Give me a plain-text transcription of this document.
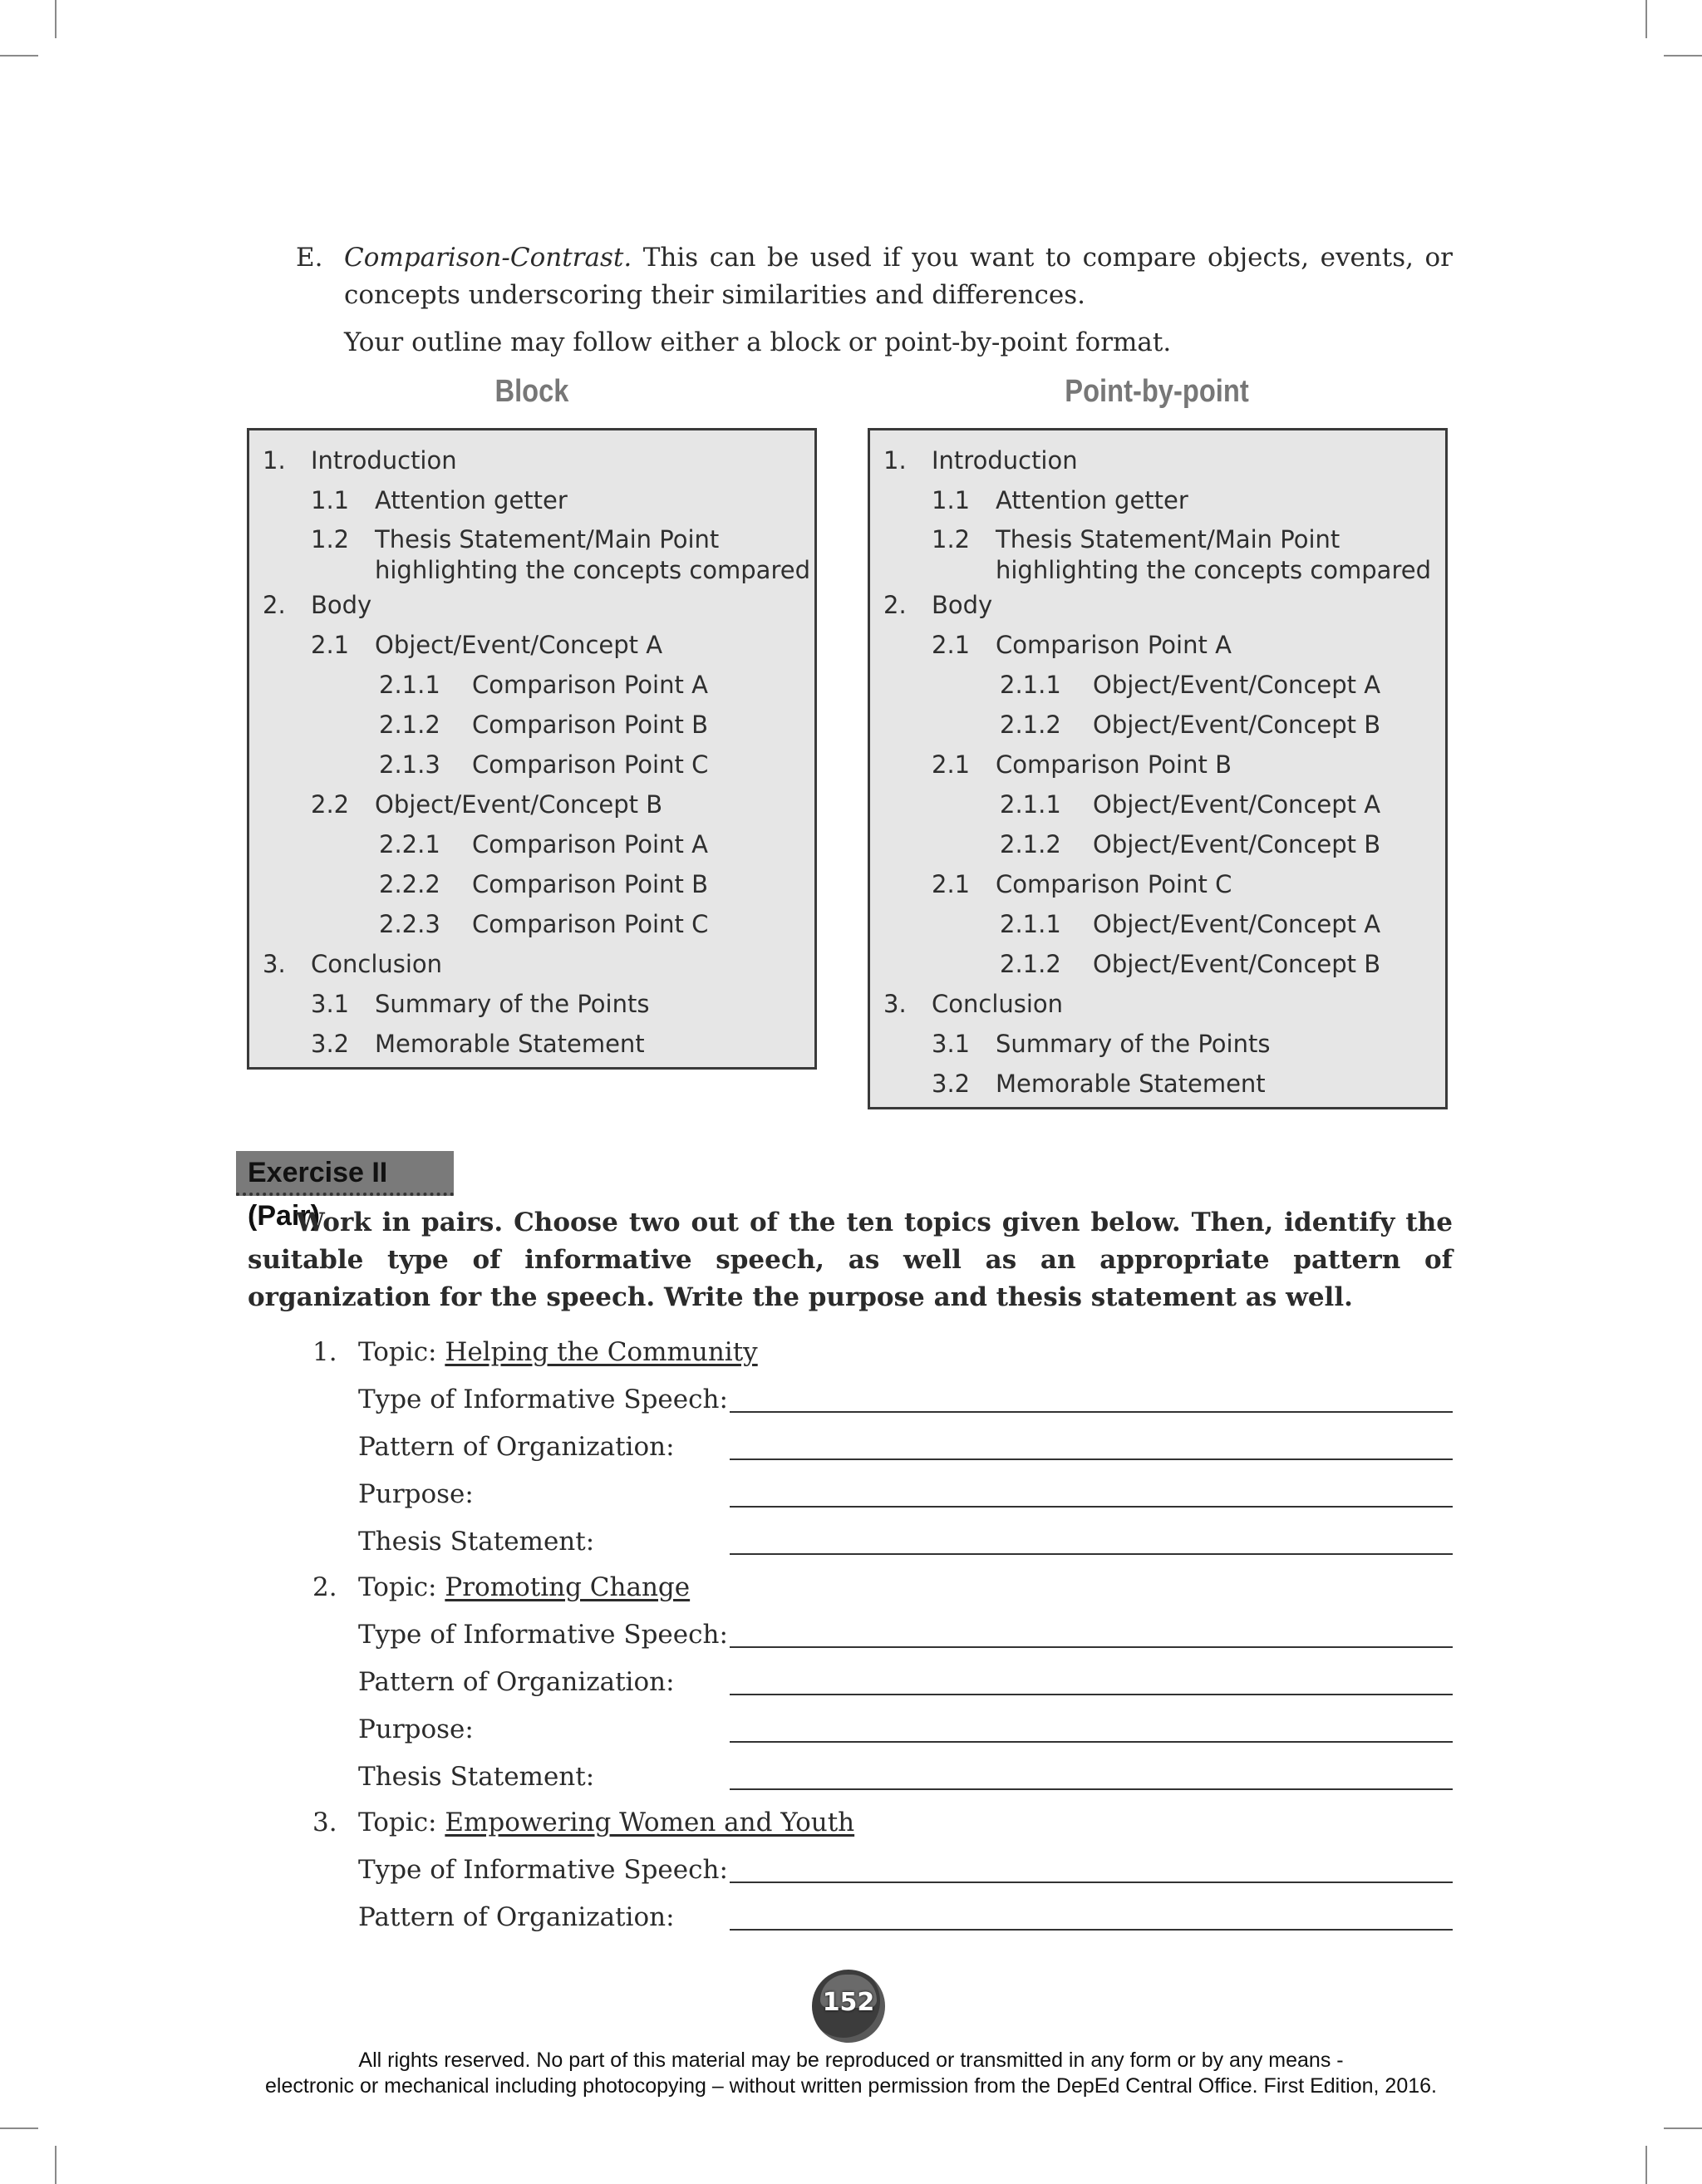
E. Comparison-Contrast. This can be used if you want to compare objects, events, or concepts underscoring their similarities and differences.
Your outline may follow either a block or point-by-point format.
Block	Point-by-point
1. Introduction
1.1 Attention getter
1.2 Thesis Statement/Main Point
highlighting the concepts compared
2. Body
2.1 Object/Event/Concept A
2.1.1 Comparison Point A
2.1.2 Comparison Point B
2.1.3 Comparison Point C
2.2 Object/Event/Concept B
2.2.1 Comparison Point A
2.2.2 Comparison Point B
2.2.3 Comparison Point C
3. Conclusion
3.1 Summary of the Points
3.2 Memorable Statement
1. Introduction
1.1 Attention getter
1.2 Thesis Statement/Main Point
highlighting the concepts compared
2. Body
2.1 Comparison Point A
2.1.1 Object/Event/Concept A
2.1.2 Object/Event/Concept B
2.1 Comparison Point B
2.1.1 Object/Event/Concept A
2.1.2 Object/Event/Concept B
2.1 Comparison Point C
2.1.1 Object/Event/Concept A
2.1.2 Object/Event/Concept B
3. Conclusion
3.1 Summary of the Points
3.2 Memorable Statement
Exercise II (Pair)
Work in pairs. Choose two out of the ten topics given below. Then, identify the suitable type of informative speech, as well as an appropriate pattern of organization for the speech. Write the purpose and thesis statement as well.
1. Topic: Helping the Community
Type of Informative Speech:
Pattern of Organization:
Purpose:
Thesis Statement:
2. Topic: Promoting Change
Type of Informative Speech:
Pattern of Organization:
Purpose:
Thesis Statement:
3. Topic: Empowering Women and Youth
Type of Informative Speech:
Pattern of Organization:
152
All rights reserved. No part of this material may be reproduced or transmitted in any form or by any means -
electronic or mechanical including photocopying – without written permission from the DepEd Central Office. First Edition, 2016.
